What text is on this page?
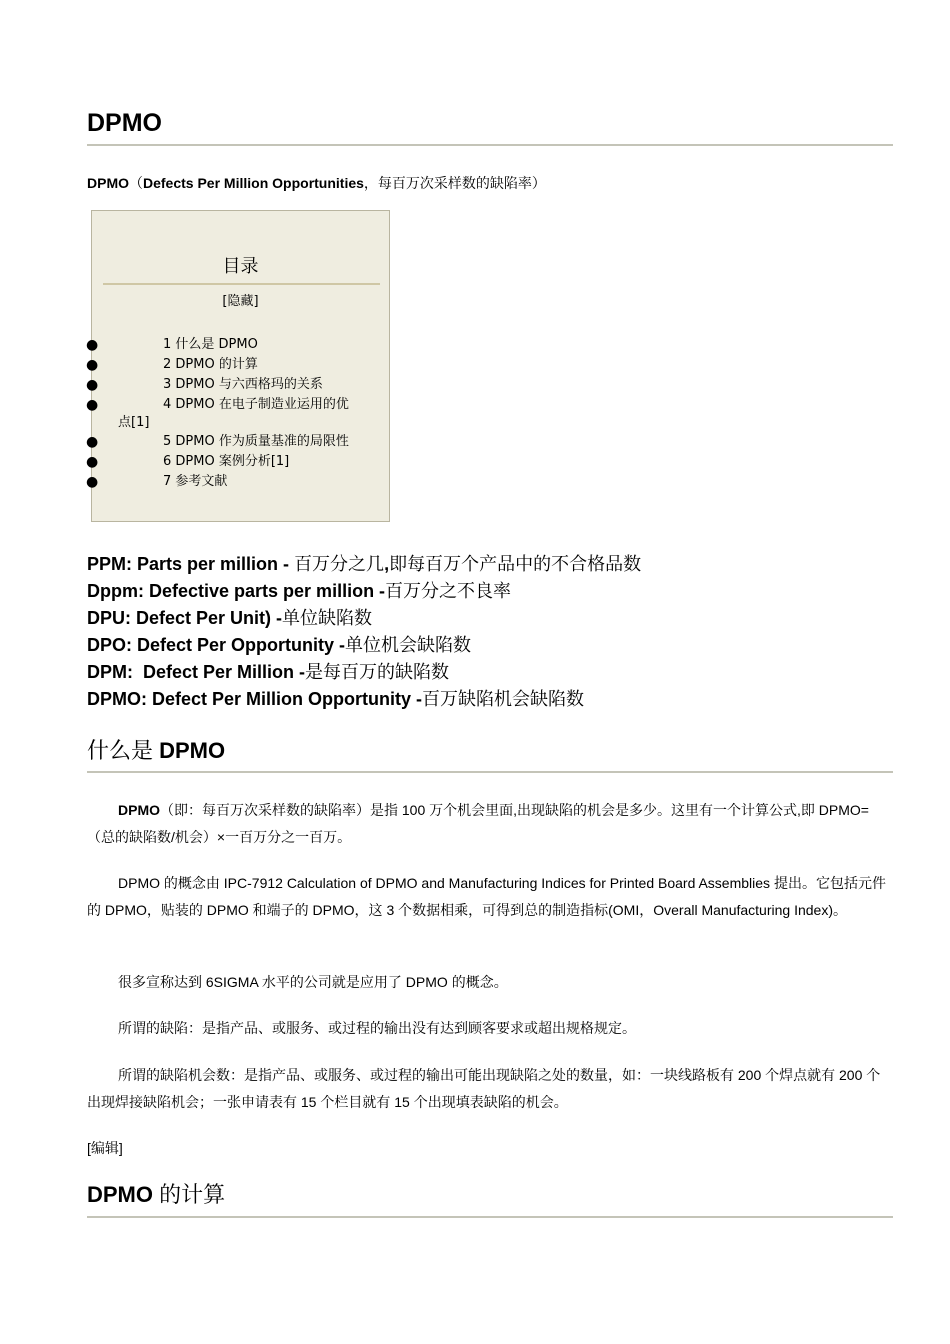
DPMO
DPMO（Defects Per Million Opportunities，每百万次采样数的缺陷率）
目录
[隐藏]
●	1 什么是 DPMO
●	2 DPMO 的计算
●	3 DPMO 与六西格玛的关系
●	4 DPMO 在电子制造业运用的优
点[1]
●	5 DPMO 作为质量基准的局限性
●	6 DPMO 案例分析[1]
●	7 参考文献

PPM: Parts per million - 百万分之几,即每百万个产品中的不合格品数

Dppm: Defective parts per million -百万分之不良率

DPU: Defect Per Unit) -单位缺陷数

DPO: Defect Per Opportunity -单位机会缺陷数

DPM:  Defect Per Million -是每百万的缺陷数

DPMO: Defect Per Million Opportunity -百万缺陷机会缺陷数

什么是 DPMO

DPMO（即：每百万次采样数的缺陷率）是指 100 万个机会里面,出现缺陷的机会是多少。这里有一个计算公式,即 DPMO=（总的缺陷数/机会）×一百万分之一百万。

DPMO 的概念由 IPC-7912 Calculation of DPMO and Manufacturing Indices for Printed Board Assemblies 提出。它包括元件的 DPMO，贴装的 DPMO 和端子的 DPMO，这 3 个数据相乘，可得到总的制造指标(OMI，Overall Manufacturing Index)。

很多宣称达到 6SIGMA 水平的公司就是应用了 DPMO 的概念。

所谓的缺陷：是指产品、或服务、或过程的输出没有达到顾客要求或超出规格规定。

所谓的缺陷机会数：是指产品、或服务、或过程的输出可能出现缺陷之处的数量，如：一块线路板有 200 个焊点就有 200 个出现焊接缺陷机会；一张申请表有 15 个栏目就有 15 个出现填表缺陷的机会。

[编辑]
DPMO 的计算
